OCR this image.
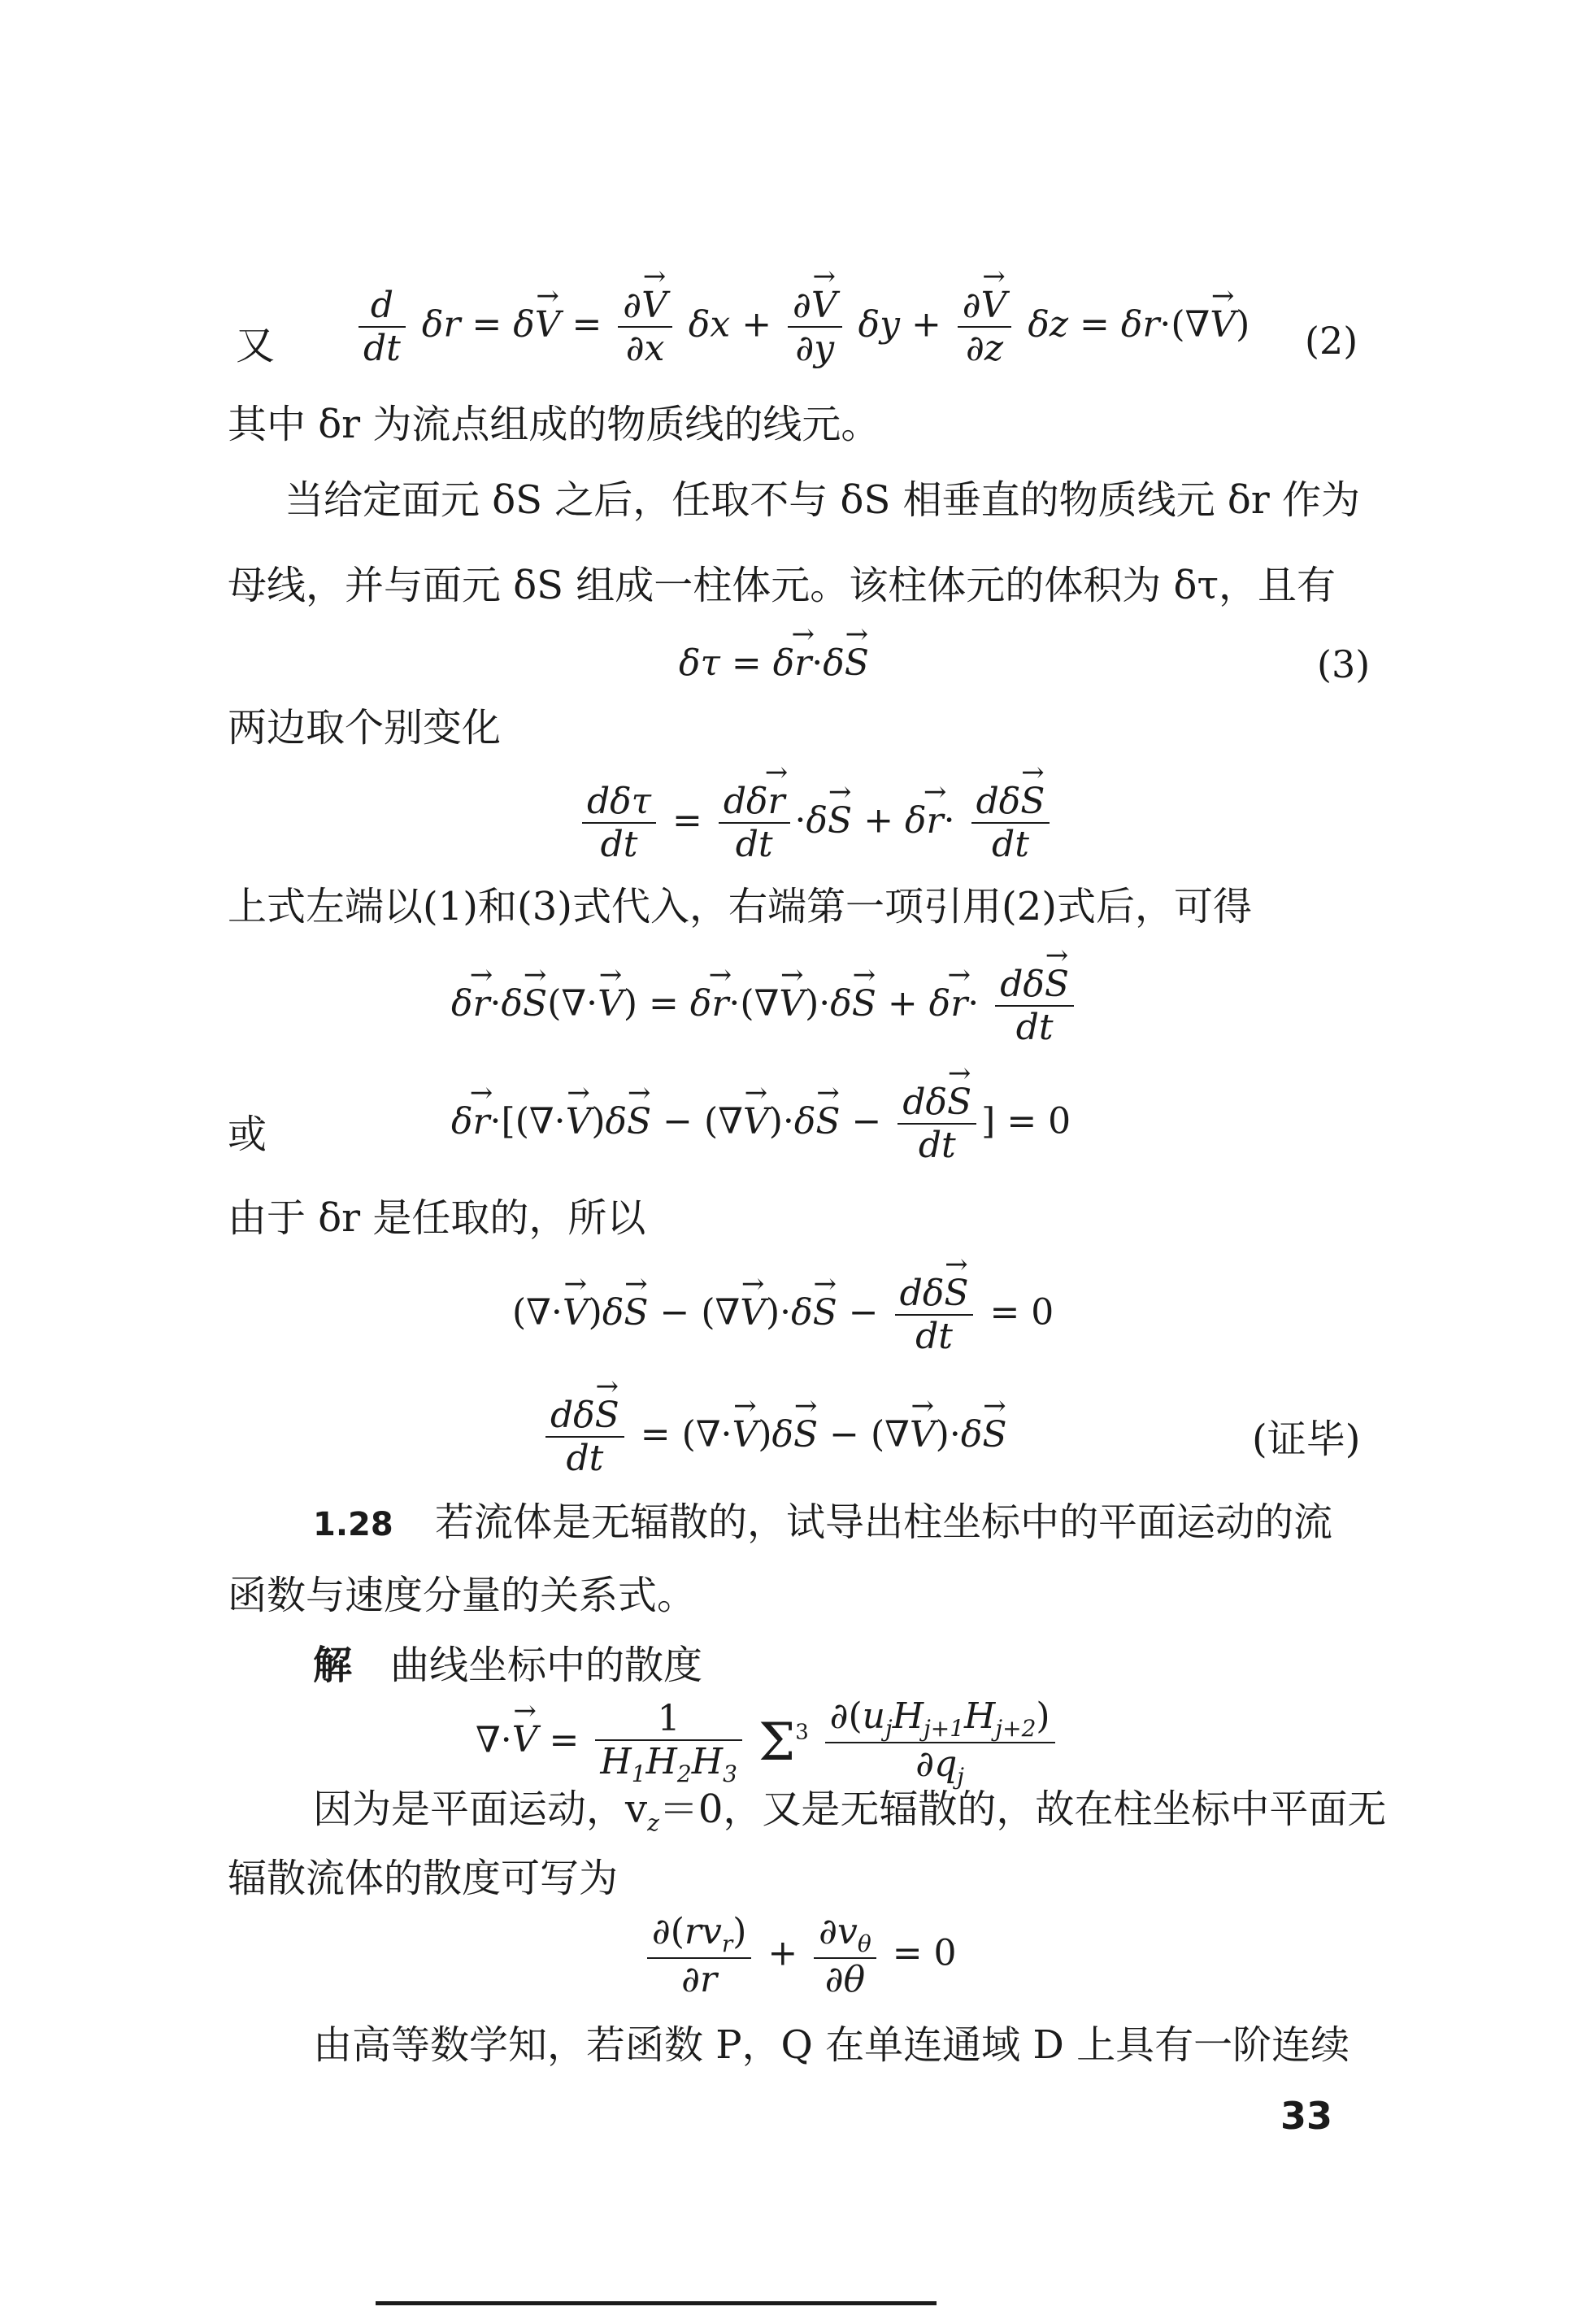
又 $\frac{d}{dt}$ $\delta r = \delta\to V = \frac{\partial\to V}{\partial x}$ $\delta x + \frac{\partial\to V}{\partial y}$ $\delta y + \frac{\partial\to V}{\partial z}$ δz = δr·(∇→ V) (2)
其中 δr 为流点组成的物质线的线元。
当给定面元 δS 之后，任取不与 δS 相垂直的物质线元 δr 作为
母线，并与面元 δS 组成一柱体元。该柱体元的体积为 δτ，且有
δτ = δ→ r·δ→ S	(3)
两边取个别变化
$\frac{\text{dδτ}}{dt} = \frac{d\delta\to r}{dt} \cdot\delta\to S + \delta\to r\cdot \frac{d\delta\to S}{dt}$
上式左端以(1)和(3)式代入，右端第一项引用(2)式后，可得
$\delta\to r\cdot\delta\to S(\nabla\cdot\to V) = \delta\to r\cdot(\nabla\to V)\cdot\delta\to S + \delta\to r\cdot \frac{d\delta\to S}{dt}$
或	δ→ r·[(∇·→ V)δ→ S − (∇→ $V)\cdot\delta\to S - \frac{d\delta\to S}{dt}$ ] = 0
由于 δr 是任取的，所以
(∇·→ V)δ→ S − (∇→ $V)\cdot\delta\to S - \frac{d\delta\to S}{dt} = 0$
$\frac{d\delta\to S}{dt}$ = (∇·→ V)δ→ S − (∇→ V)·δ→ S	(证毕)
1.28 若流体是无辐散的，试导出柱坐标中的平面运动的流
函数与速度分量的关系式。
解 曲线坐标中的散度
∇·→ $V = \frac{1}{H_1H_2H_3} \Sigma^3 \frac{\partial(u_jH_{j+1}H_{j+2})}{\partial q_j}$
因为是平面运动，$v_z=0$，又是无辐散的，故在柱坐标中平面无
辐散流体的散度可写为
$\frac{\partial(rv_r)}{\partial r} + \frac{\partial v_\theta}{\partial\theta} = 0$
由高等数学知，若函数 P，Q 在单连通域 D 上具有一阶连续
33
